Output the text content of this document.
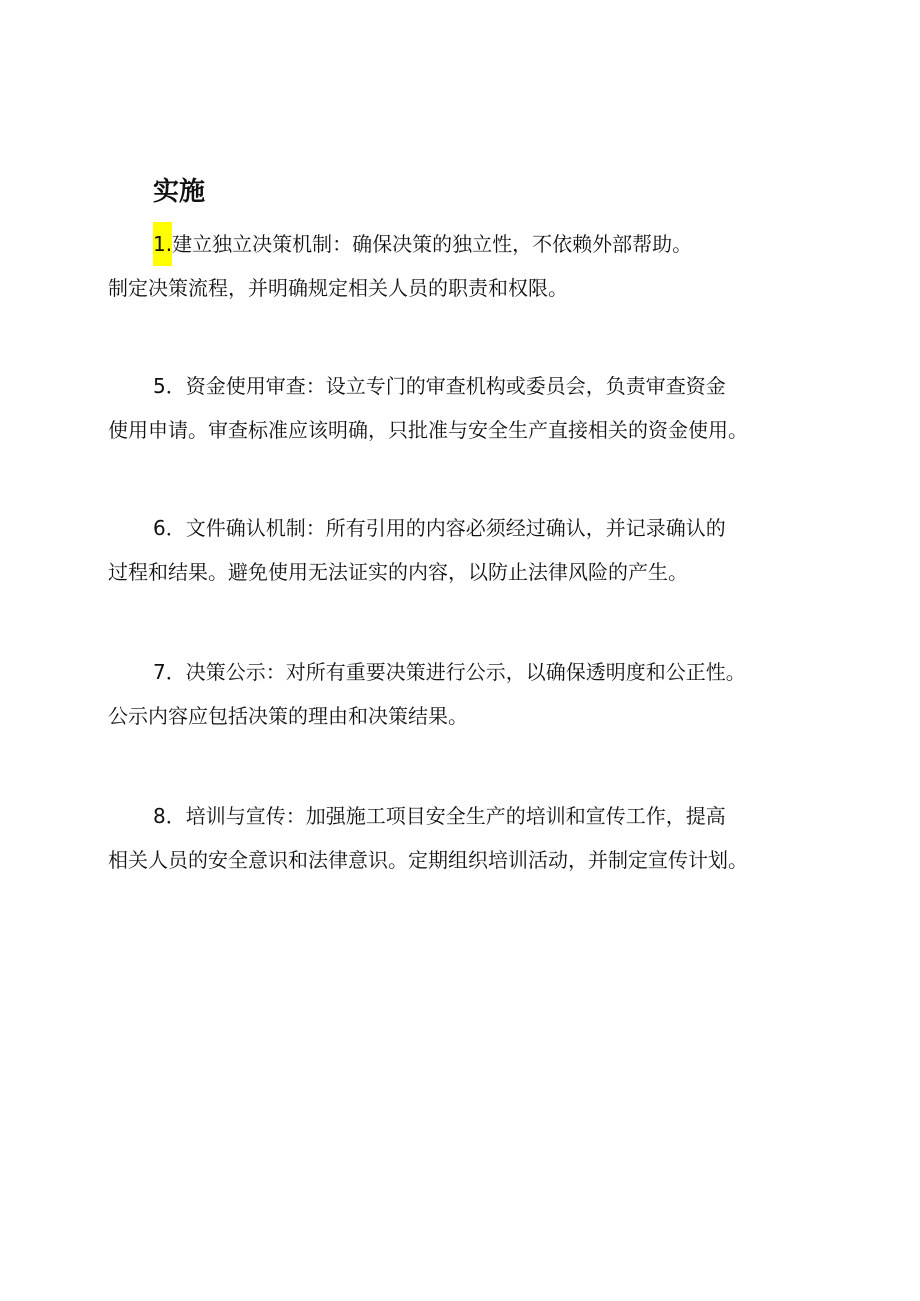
实施

1.建立独立决策机制：确保决策的独立性，不依赖外部帮助。
制定决策流程，并明确规定相关人员的职责和权限。

5．资金使用审查：设立专门的审查机构或委员会，负责审查资金
使用申请。审查标准应该明确，只批准与安全生产直接相关的资金使用。

6．文件确认机制：所有引用的内容必须经过确认，并记录确认的
过程和结果。避免使用无法证实的内容，以防止法律风险的产生。

7．决策公示：对所有重要决策进行公示，以确保透明度和公正性。
公示内容应包括决策的理由和决策结果。

8．培训与宣传：加强施工项目安全生产的培训和宣传工作，提高
相关人员的安全意识和法律意识。定期组织培训活动，并制定宣传计划。
